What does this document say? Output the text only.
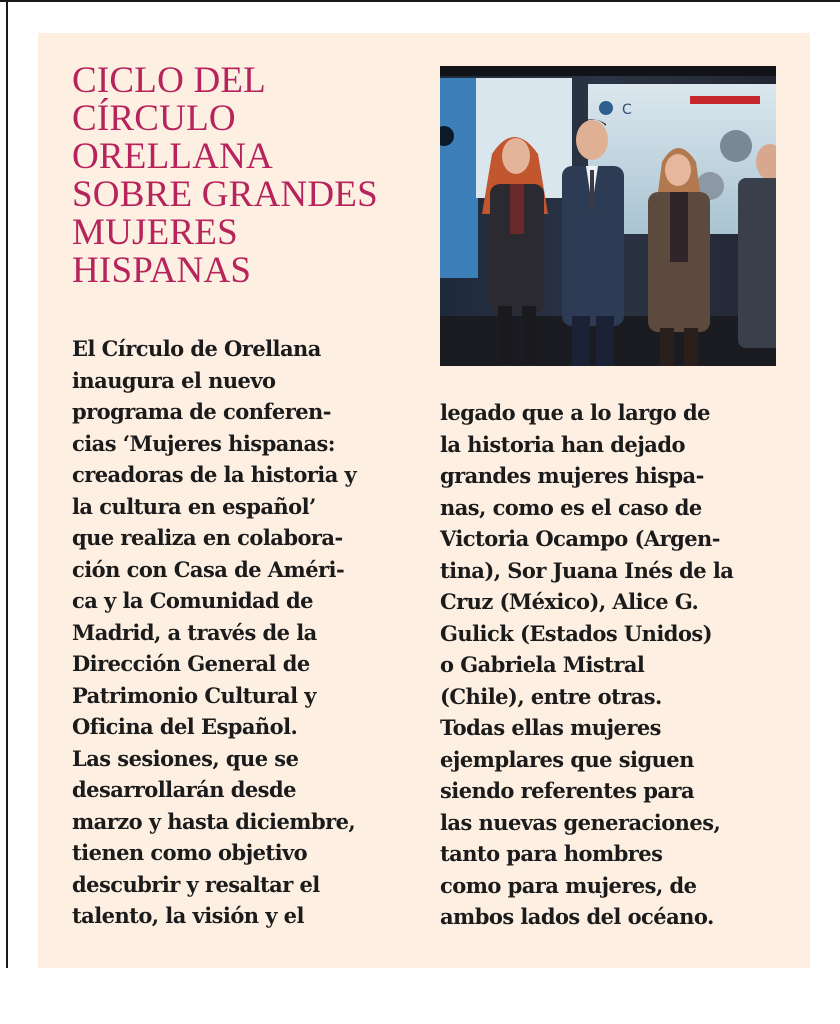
CICLO DEL
CÍRCULO
ORELLANA
SOBRE GRANDES
MUJERES
HISPANAS
C

El Círculo de Orellana
inaugura el nuevo
programa de conferen-
cias ‘Mujeres hispanas:
creadoras de la historia y
la cultura en español’
que realiza en colabora-
ción con Casa de Améri-
ca y la Comunidad de
Madrid, a través de la
Dirección General de
Patrimonio Cultural y
Oficina del Español.
Las sesiones, que se
desarrollarán desde
marzo y hasta diciembre,
tienen como objetivo
descubrir y resaltar el
talento, la visión y el

legado que a lo largo de
la historia han dejado
grandes mujeres hispa-
nas, como es el caso de
Victoria Ocampo (Argen-
tina), Sor Juana Inés de la
Cruz (México), Alice G.
Gulick (Estados Unidos)
o Gabriela Mistral
(Chile), entre otras.
Todas ellas mujeres
ejemplares que siguen
siendo referentes para
las nuevas generaciones,
tanto para hombres
como para mujeres, de
ambos lados del océano.
